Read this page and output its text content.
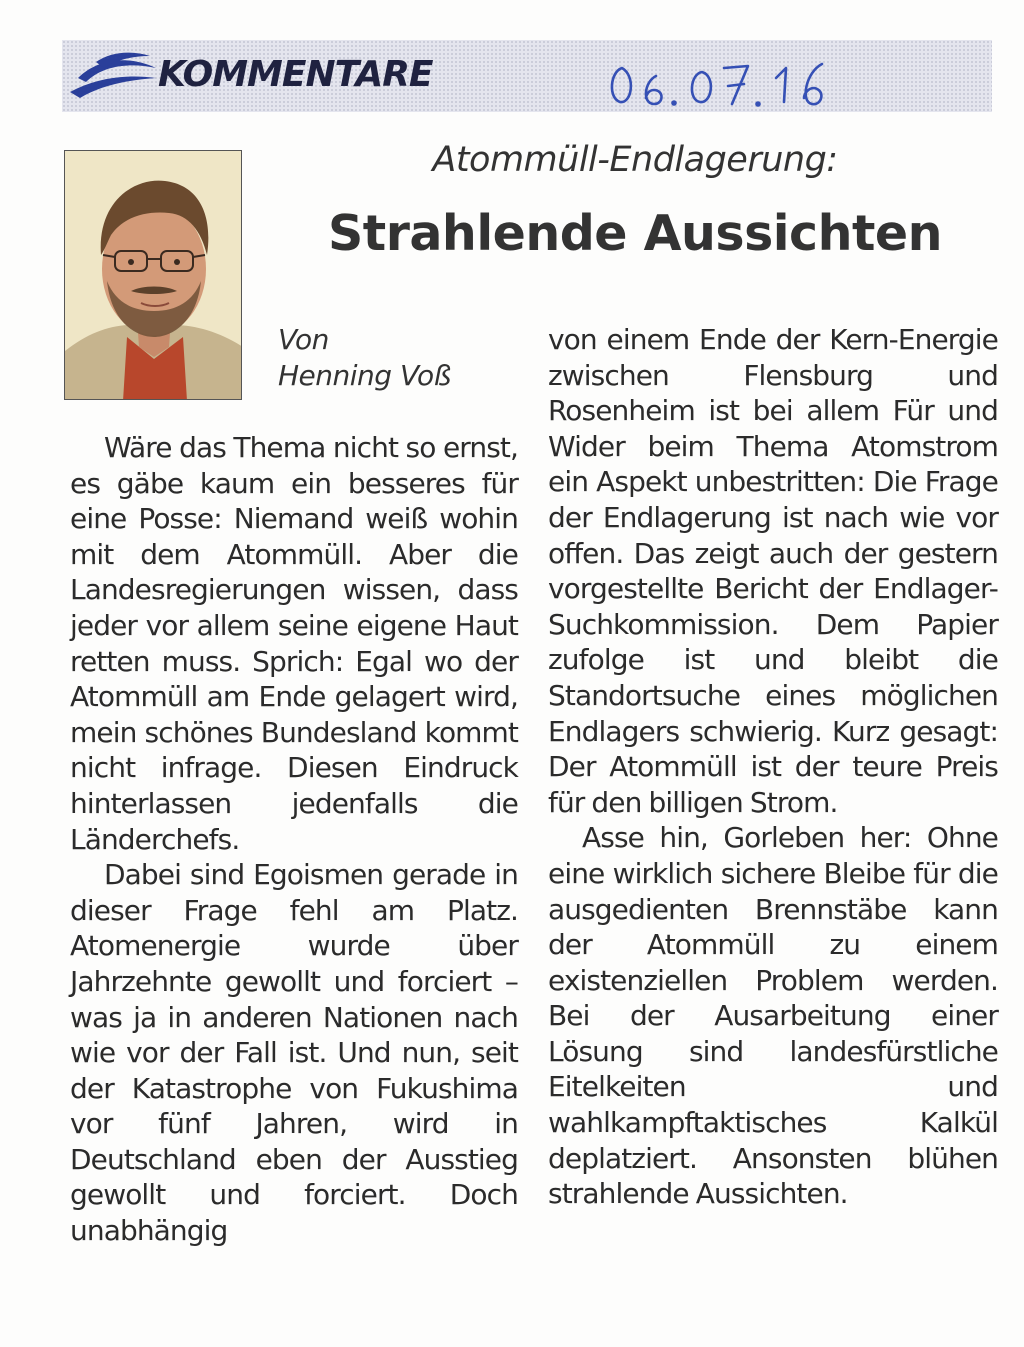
KOMMENTARE
Atommüll-Endlagerung:
Strahlende Aussichten
Von
Henning Voß

Wäre das Thema nicht so ernst, es gäbe kaum ein besseres für eine Posse: Niemand weiß wohin mit dem Atommüll. Aber die Landesregierungen wissen, dass jeder vor allem seine eigene Haut retten muss. Sprich: Egal wo der Atommüll am Ende gelagert wird, mein schönes Bundesland kommt nicht infrage. Diesen Eindruck hinterlassen jedenfalls die Länderchefs.

Dabei sind Egoismen gerade in dieser Frage fehl am Platz. Atomenergie wurde über Jahrzehnte gewollt und forciert – was ja in anderen Nationen nach wie vor der Fall ist. Und nun, seit der Katastrophe von Fukushima vor fünf Jahren, wird in Deutschland eben der Ausstieg gewollt und forciert. Doch unabhängig

von einem Ende der Kern-Energie zwischen Flensburg und Rosenheim ist bei allem Für und Wider beim Thema Atomstrom ein Aspekt unbestritten: Die Frage der Endlagerung ist nach wie vor offen. Das zeigt auch der gestern vorgestellte Bericht der Endlager-Suchkommission. Dem Papier zufolge ist und bleibt die Standortsuche eines möglichen Endlagers schwierig. Kurz gesagt: Der Atommüll ist der teure Preis für den billigen Strom.

Asse hin, Gorleben her: Ohne eine wirklich sichere Bleibe für die ausgedienten Brennstäbe kann der Atommüll zu einem existenziellen Problem werden. Bei der Ausarbeitung einer Lösung sind landesfürstliche Eitelkeiten und wahlkampftaktisches Kalkül deplatziert. Ansonsten blühen strahlende Aussichten.
